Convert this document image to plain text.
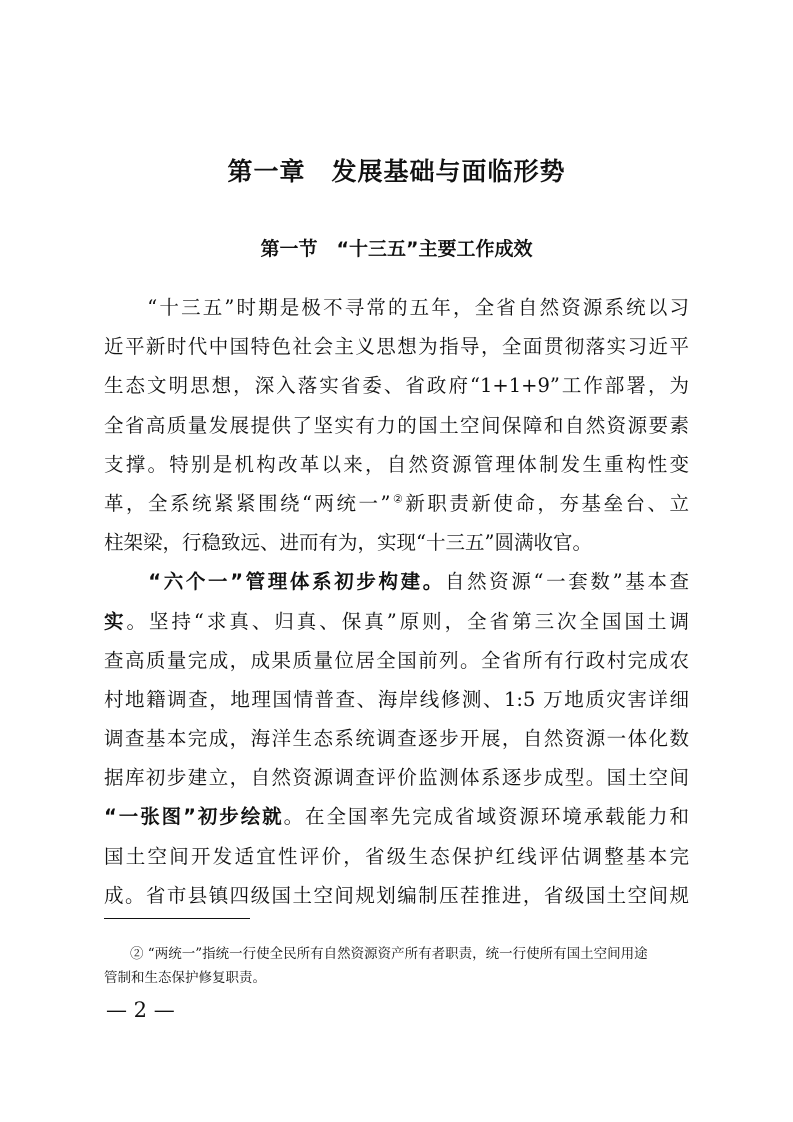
第一章　发展基础与面临形势
第一节　“十三五”主要工作成效
　　“十三五”时期是极不寻常的五年，全省自然资源系统以习
近平新时代中国特色社会主义思想为指导，全面贯彻落实习近平
生态文明思想，深入落实省委、省政府“1+1+9”工作部署，为
全省高质量发展提供了坚实有力的国土空间保障和自然资源要素
支撑。特别是机构改革以来，自然资源管理体制发生重构性变
革，全系统紧紧围绕“两统一”②新职责新使命，夯基垒台、立
柱架梁，行稳致远、进而有为，实现“十三五”圆满收官。
　　“六个一”管理体系初步构建。自然资源“一套数”基本查
实。坚持“求真、归真、保真”原则，全省第三次全国国土调
查高质量完成，成果质量位居全国前列。全省所有行政村完成农
村地籍调查，地理国情普查、海岸线修测、1:5 万地质灾害详细
调查基本完成，海洋生态系统调查逐步开展，自然资源一体化数
据库初步建立，自然资源调查评价监测体系逐步成型。国土空间
“一张图”初步绘就。在全国率先完成省域资源环境承载能力和
国土空间开发适宜性评价，省级生态保护红线评估调整基本完
成。省市县镇四级国土空间规划编制压茬推进，省级国土空间规
② “两统一”指统一行使全民所有自然资源资产所有者职责，统一行使所有国土空间用途
管制和生态保护修复职责。
— 2 —
